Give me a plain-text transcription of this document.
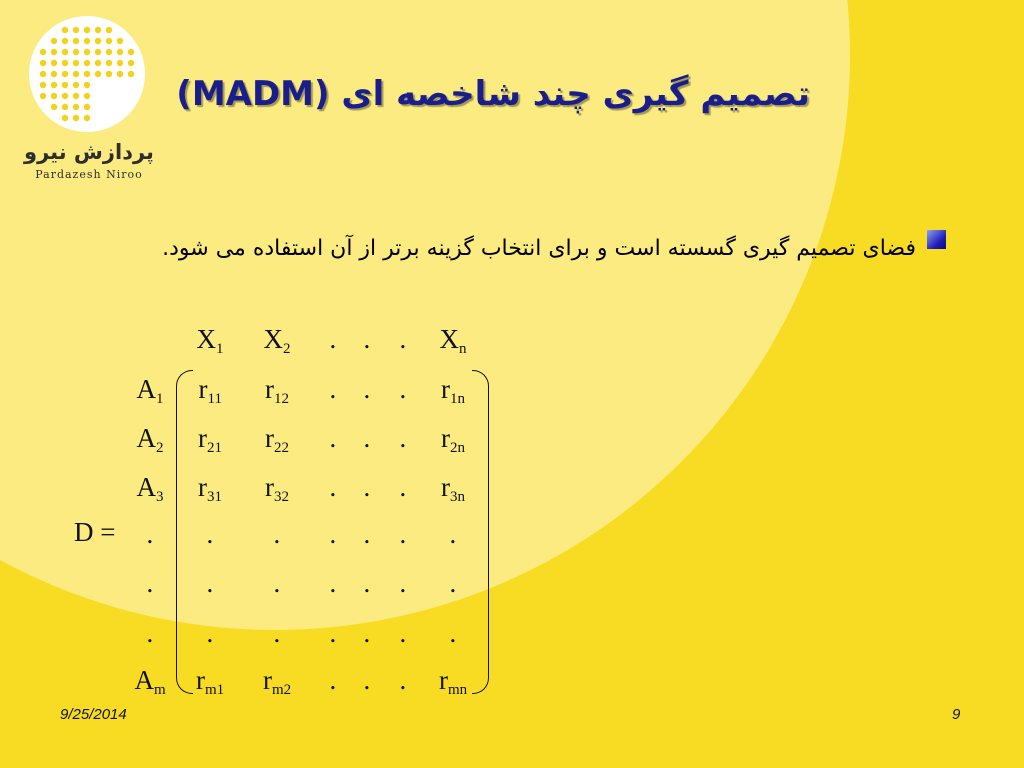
پردازش نیرو
Pardazesh Niroo
تصمیم گیری چند شاخصه ای (MADM)
فضای تصمیم گیری گسسته است و برای انتخاب گزینه برتر از آن استفاده می شود.
D =
$X_1$ $X_2$ . . . $X_n$
$A_1$ $r_{11}$ $r_{12}$ . . . $r_{1n}$
$A_2$ $r_{21}$ $r_{22}$ . . . $r_{2n}$
$A_3$ $r_{31}$ $r_{32}$ . . . $r_{3n}$
. . . . . . .
. . . . . . .
. . . . . . .
$A_m$ $r_{m1}$ $r_{m2}$ . . . $r_{mn}$
9/25/2014	9
